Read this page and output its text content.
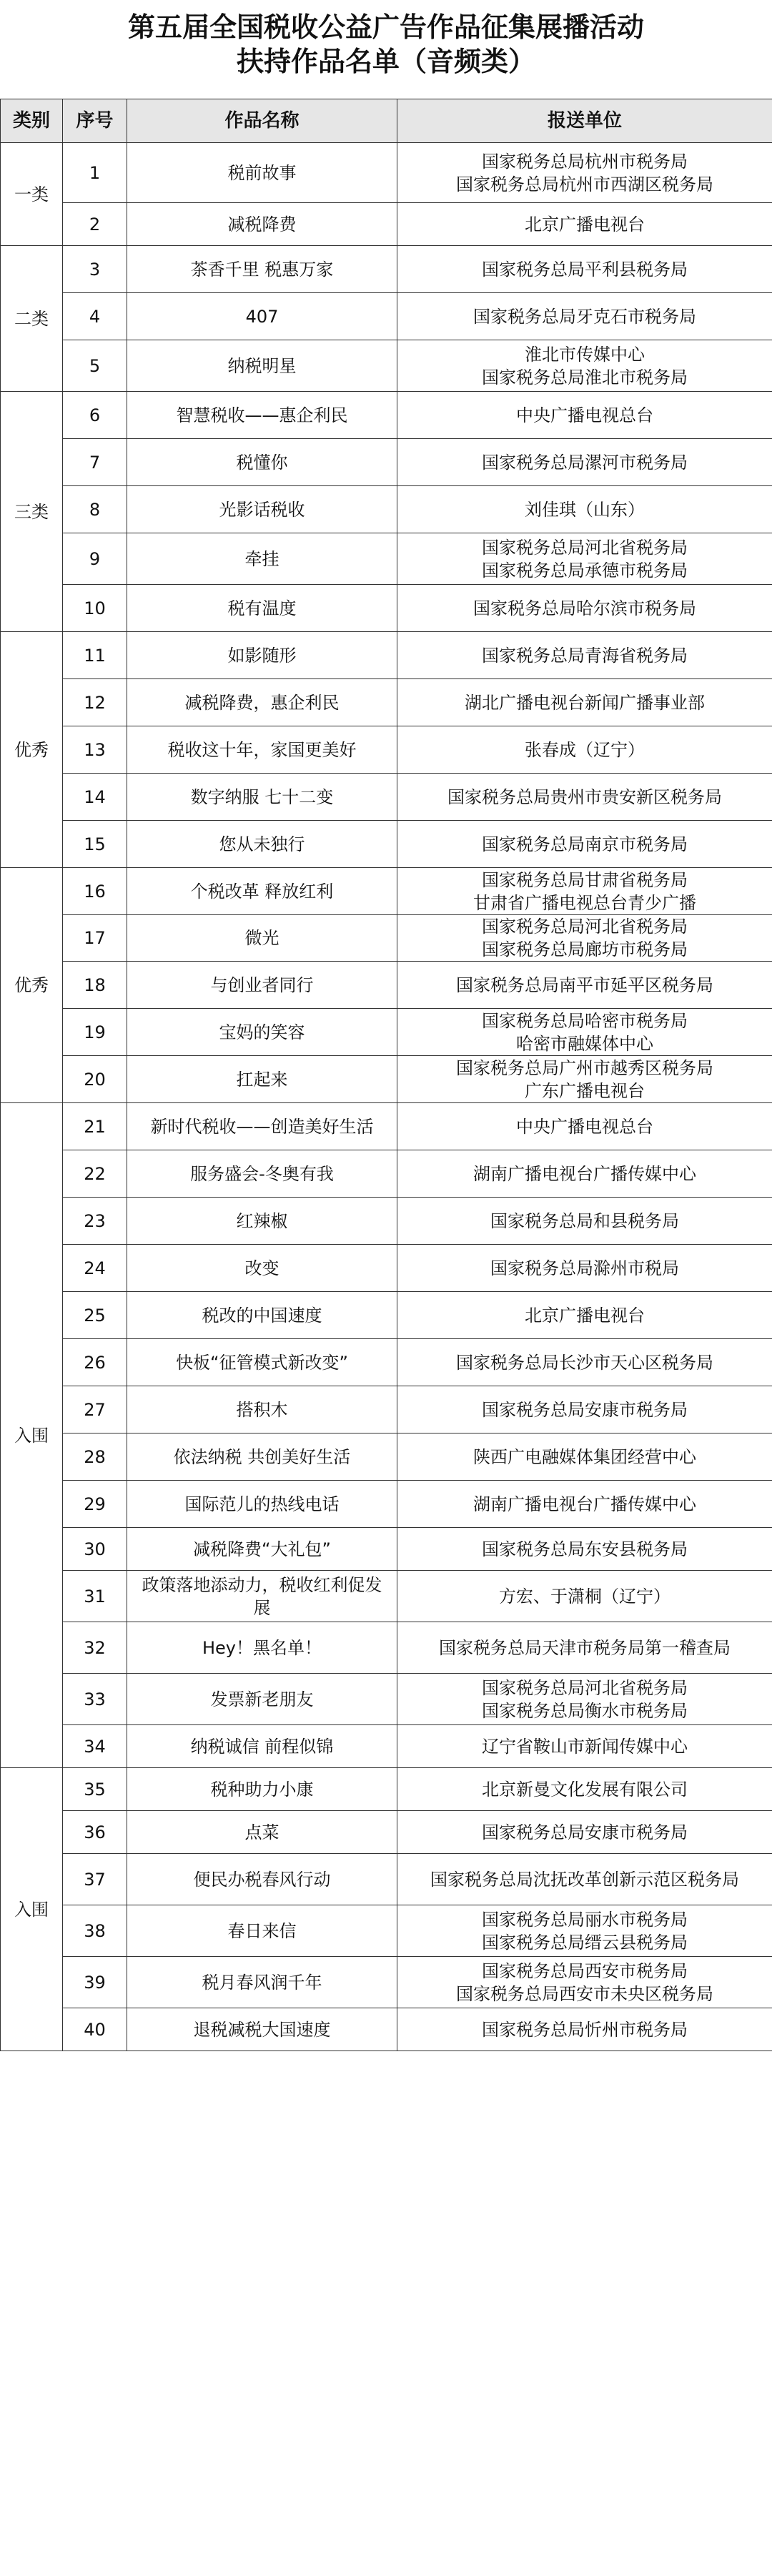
第五届全国税收公益广告作品征集展播活动
扶持作品名单（音频类）
类别	序号	作品名称	报送单位
一类	1	税前故事	国家税务总局杭州市税务局
国家税务总局杭州市西湖区税务局

	2	减税降费	北京广播电视台

二类	3	茶香千里 税惠万家	国家税务总局平利县税务局

	4	407	国家税务总局牙克石市税务局

	5	纳税明星	淮北市传媒中心
国家税务总局淮北市税务局

三类	6	智慧税收——惠企利民	中央广播电视总台

	7	税懂你	国家税务总局漯河市税务局

	8	光影话税收	刘佳琪（山东）

	9	牵挂	国家税务总局河北省税务局
国家税务总局承德市税务局

	10	税有温度	国家税务总局哈尔滨市税务局

优秀	11	如影随形	国家税务总局青海省税务局

	12	减税降费，惠企利民	湖北广播电视台新闻广播事业部

	13	税收这十年，家国更美好	张春成（辽宁）

	14	数字纳服 七十二变	国家税务总局贵州市贵安新区税务局

	15	您从未独行	国家税务总局南京市税务局

优秀	16	个税改革 释放红利	国家税务总局甘肃省税务局
甘肃省广播电视总台青少广播

	17	微光	国家税务总局河北省税务局
国家税务总局廊坊市税务局

	18	与创业者同行	国家税务总局南平市延平区税务局

	19	宝妈的笑容	国家税务总局哈密市税务局
哈密市融媒体中心

	20	扛起来	国家税务总局广州市越秀区税务局
广东广播电视台

入围	21	新时代税收——创造美好生活	中央广播电视总台

	22	服务盛会-冬奥有我	湖南广播电视台广播传媒中心

	23	红辣椒	国家税务总局和县税务局

	24	改变	国家税务总局滁州市税局

	25	税改的中国速度	北京广播电视台

	26	快板“征管模式新改变”	国家税务总局长沙市天心区税务局

	27	搭积木	国家税务总局安康市税务局

	28	依法纳税 共创美好生活	陕西广电融媒体集团经营中心

	29	国际范儿的热线电话	湖南广播电视台广播传媒中心

	30	减税降费“大礼包”	国家税务总局东安县税务局

	31	政策落地添动力，税收红利促发展	方宏、于潇桐（辽宁）

	32	Hey！黑名单！	国家税务总局天津市税务局第一稽查局

	33	发票新老朋友	国家税务总局河北省税务局
国家税务总局衡水市税务局

	34	纳税诚信 前程似锦	辽宁省鞍山市新闻传媒中心

入围	35	税种助力小康	北京新曼文化发展有限公司

	36	点菜	国家税务总局安康市税务局

	37	便民办税春风行动	国家税务总局沈抚改革创新示范区税务局

	38	春日来信	国家税务总局丽水市税务局
国家税务总局缙云县税务局

	39	税月春风润千年	国家税务总局西安市税务局
国家税务总局西安市未央区税务局

	40	退税减税大国速度	国家税务总局忻州市税务局
